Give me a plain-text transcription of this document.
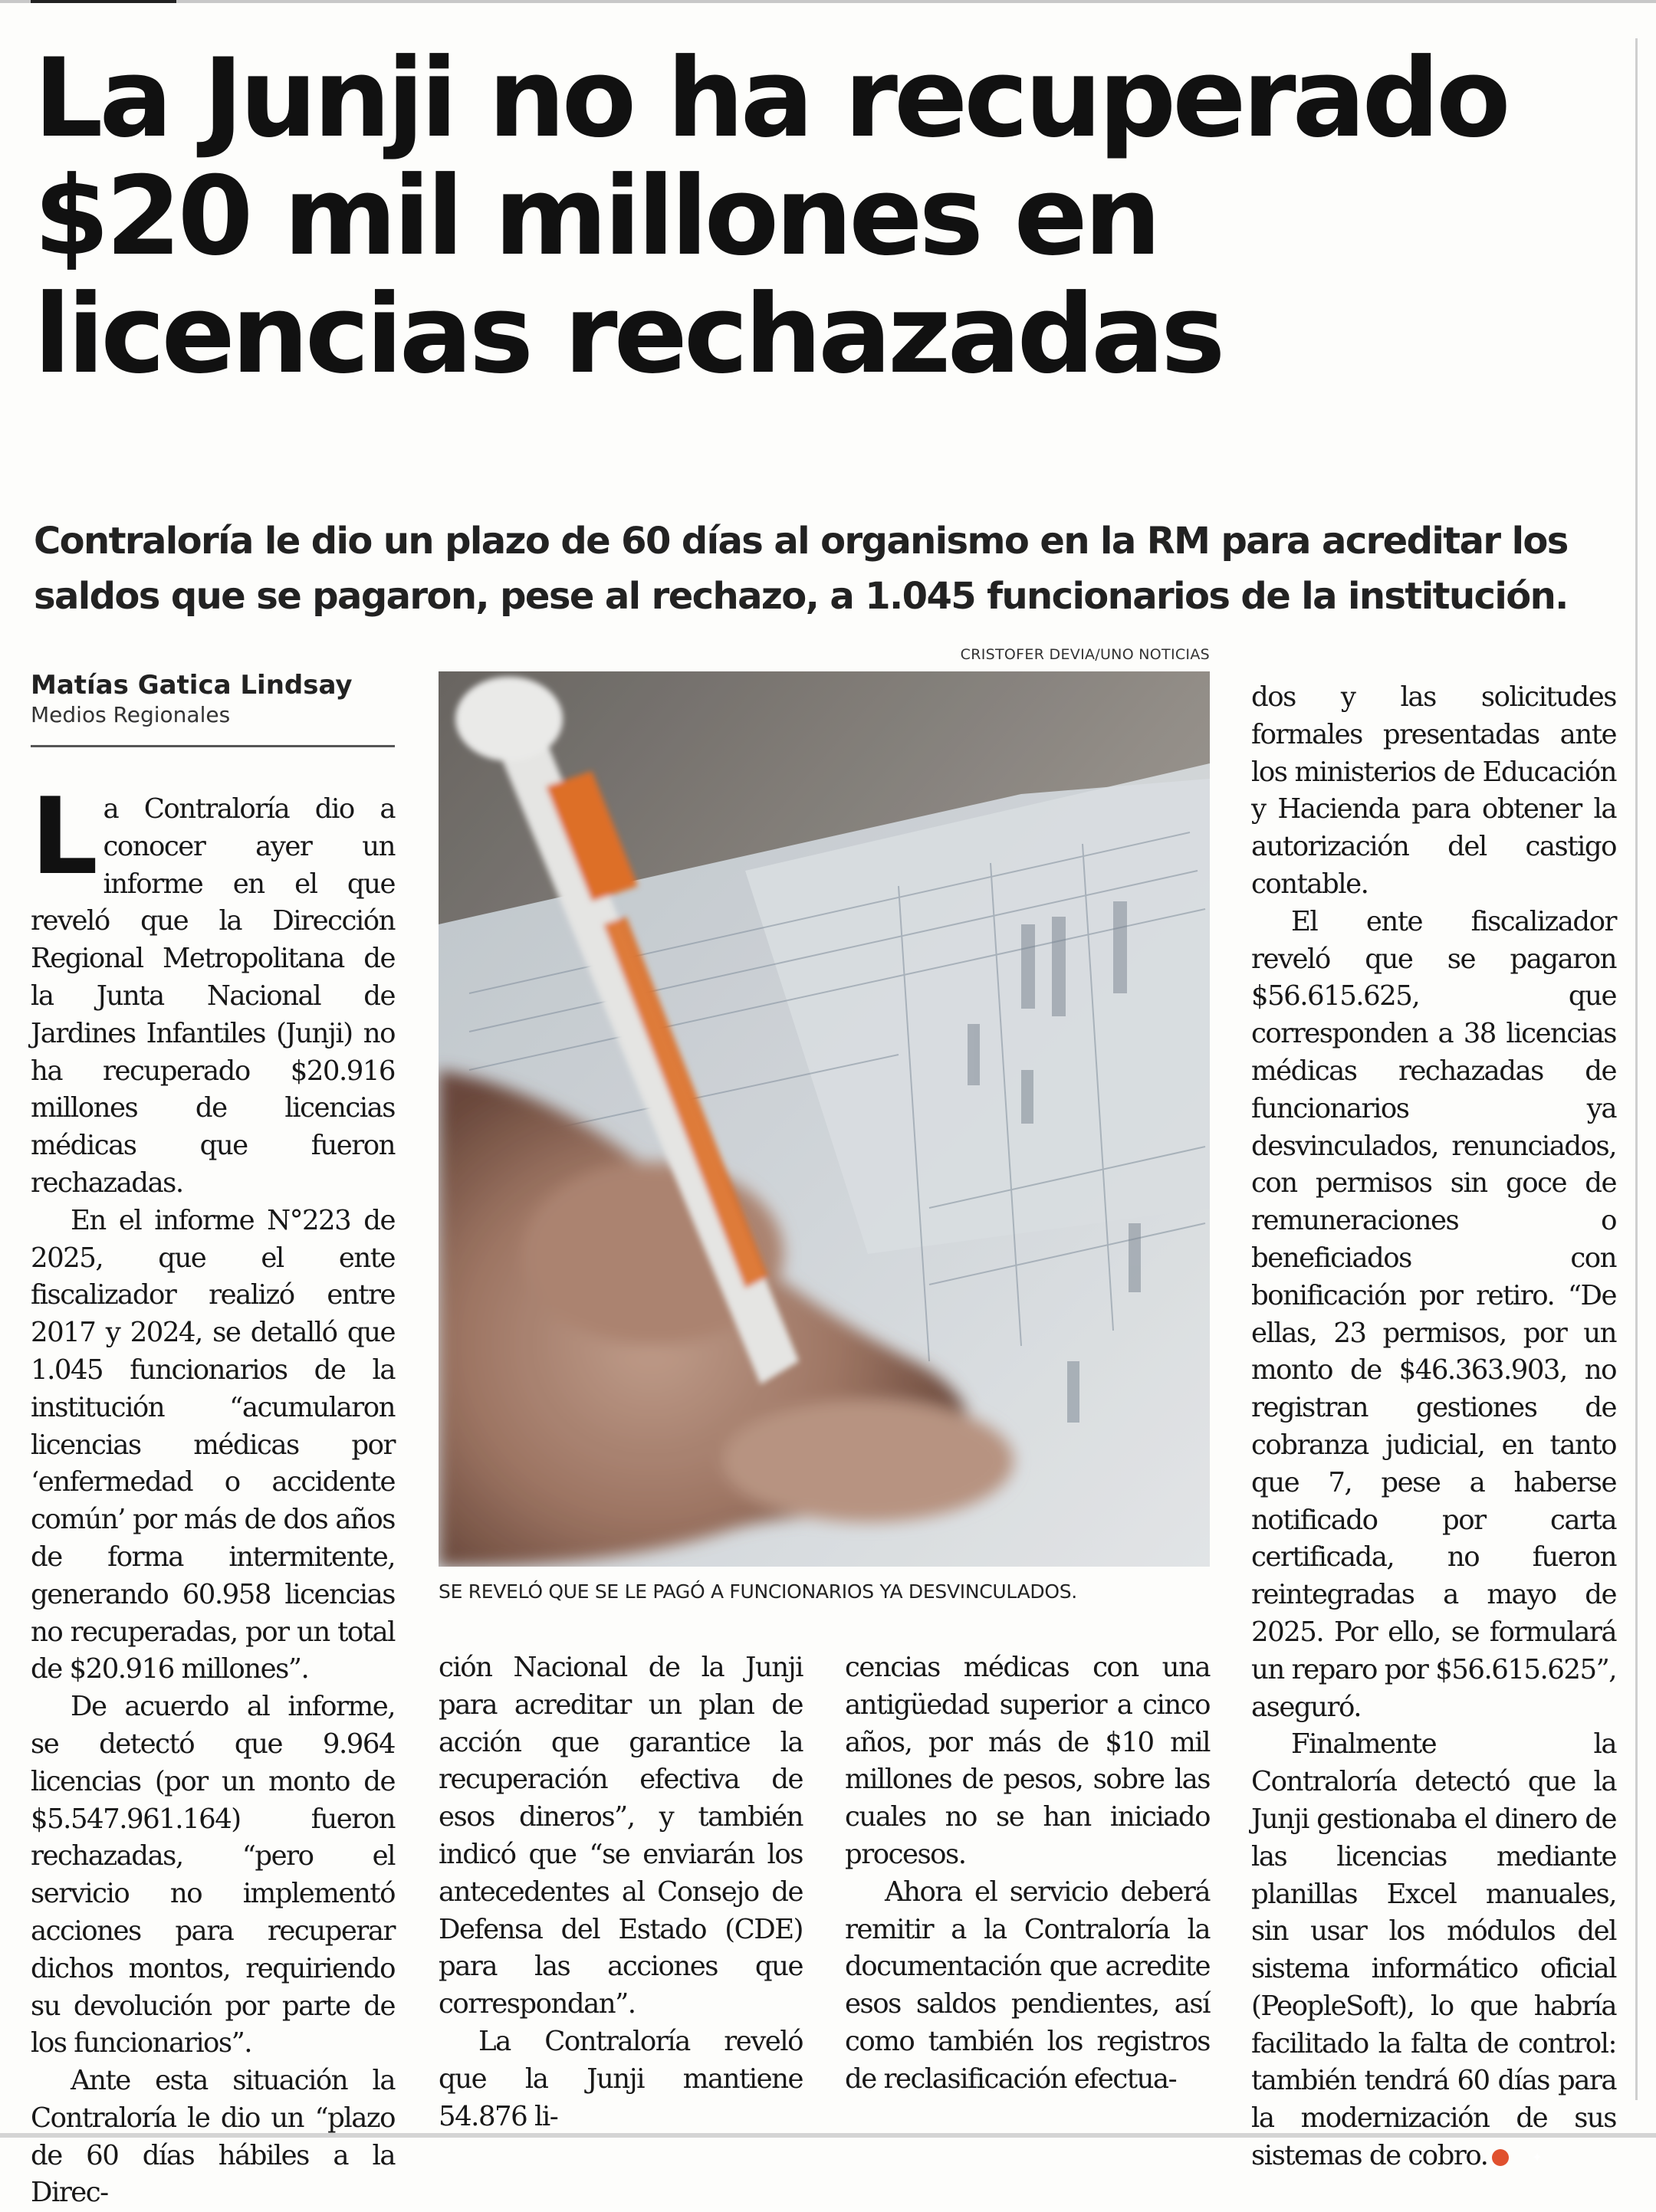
La Junji no ha recuperado $20 mil millones en licencias rechazadas
Contraloría le dio un plazo de 60 días al organismo en la RM para acreditar los saldos que se pagaron, pese al rechazo, a 1.045 funcionarios de la institución.
CRISTOFER DEVIA/UNO NOTICIAS
Matías Gatica Lindsay
Medios Regionales

La Contraloría dio a conocer ayer un informe en el que reveló que la Dirección Regional Metropolitana de la Junta Nacional de Jardines Infantiles (Junji) no ha recuperado $20.916 millones de licencias médicas que fueron rechazadas.

En el informe N°223 de 2025, que el ente fiscalizador realizó entre 2017 y 2024, se detalló que 1.045 funcionarios de la institución “acumularon licencias médicas por ‘enfermedad o accidente común’ por más de dos años de forma intermitente, generando 60.958 licencias no recuperadas, por un total de $20.916 millones”.

De acuerdo al informe, se detectó que 9.964 licencias (por un monto de $5.547.961.164) fueron rechazadas, “pero el servicio no implementó acciones para recuperar dichos montos, requiriendo su devolución por parte de los funcionarios”.

Ante esta situación la Contraloría le dio un “plazo de 60 días hábiles a la Direc-

SE REVELÓ QUE SE LE PAGÓ A FUNCIONARIOS YA DESVINCULADOS.

ción Nacional de la Junji para acreditar un plan de acción que garantice la recuperación efectiva de esos dineros”, y también indicó que “se enviarán los antecedentes al Consejo de Defensa del Estado (CDE) para las acciones que correspondan”.

La Contraloría reveló que la Junji mantiene 54.876 li-

cencias médicas con una antigüedad superior a cinco años, por más de $10 mil millones de pesos, sobre las cuales no se han iniciado procesos.

Ahora el servicio deberá remitir a la Contraloría la documentación que acredite esos saldos pendientes, así como también los registros de reclasificación efectua-

dos y las solicitudes formales presentadas ante los ministerios de Educación y Hacienda para obtener la autorización del castigo contable.

El ente fiscalizador reveló que se pagaron $56.615.625, que corresponden a 38 licencias médicas rechazadas de funcionarios ya desvinculados, renunciados, con permisos sin goce de remuneraciones o beneficiados con bonificación por retiro. “De ellas, 23 permisos, por un monto de $46.363.903, no registran gestiones de cobranza judicial, en tanto que 7, pese a haberse notificado por carta certificada, no fueron reintegradas a mayo de 2025. Por ello, se formulará un reparo por $56.615.625”, aseguró.

Finalmente la Contraloría detectó que la Junji gestionaba el dinero de las licencias mediante planillas Excel manuales, sin usar los módulos del sistema informático oficial (PeopleSoft), lo que habría facilitado la falta de control: también tendrá 60 días para la modernización de sus sistemas de cobro.	✦
